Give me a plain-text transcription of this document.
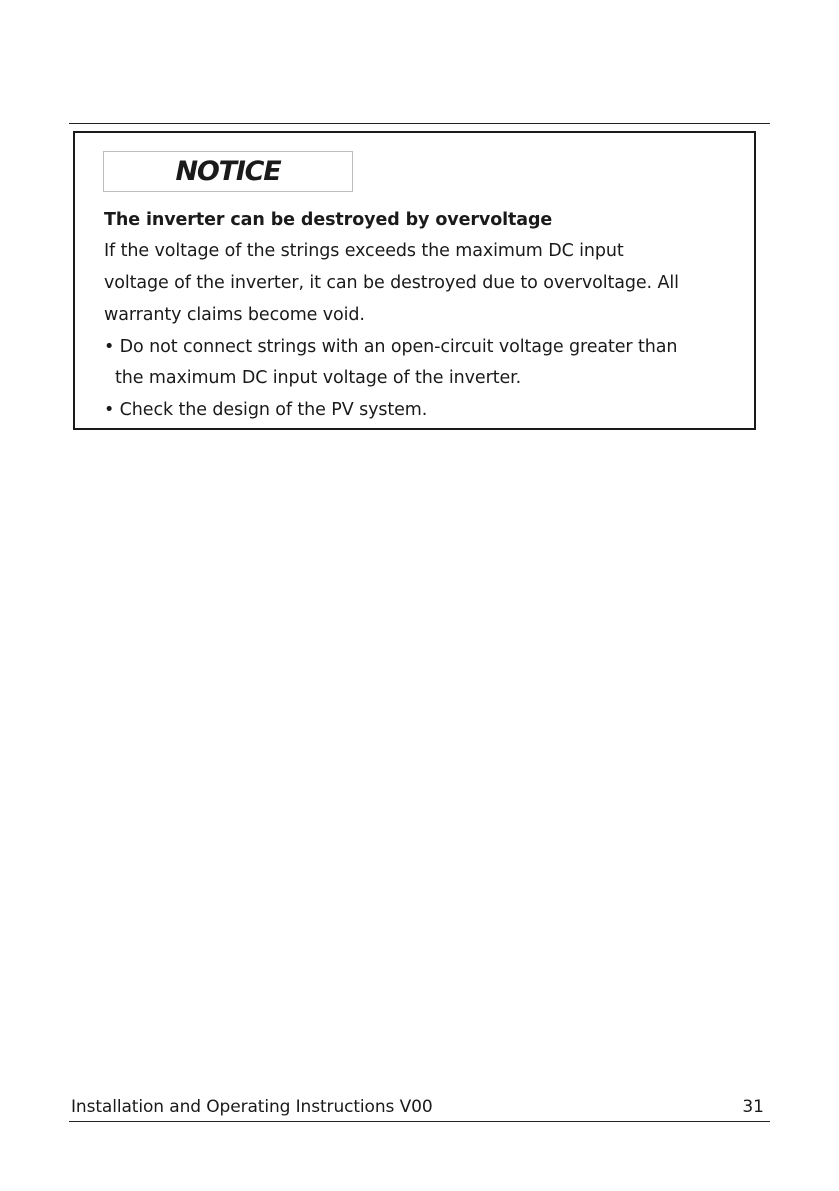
NOTICE
The inverter can be destroyed by overvoltage
If the voltage of the strings exceeds the maximum DC input
voltage of the inverter, it can be destroyed due to overvoltage. All
warranty claims become void.
• Do not connect strings with an open-circuit voltage greater than
the maximum DC input voltage of the inverter.
• Check the design of the PV system.
Installation and Operating Instructions V00	31
